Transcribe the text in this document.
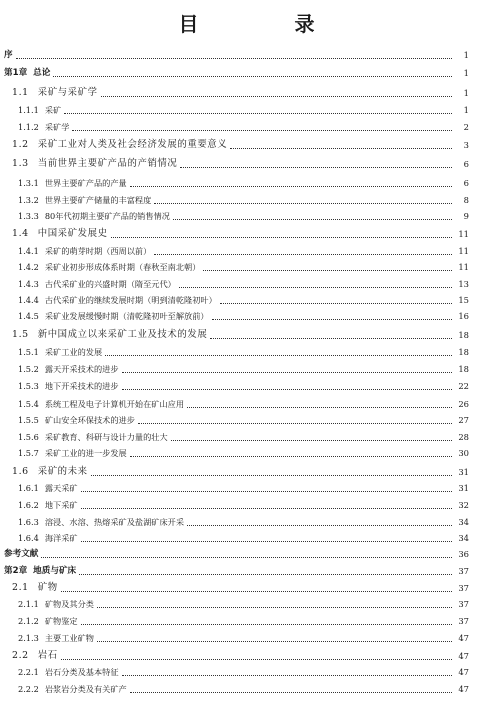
目　录
序	1
第1章 总论	1
1.1 采矿与采矿学	1
1.1.1 采矿	1
1.1.2 采矿学	2
1.2 采矿工业对人类及社会经济发展的重要意义	3
1.3 当前世界主要矿产品的产销情况	6
1.3.1 世界主要矿产品的产量	6
1.3.2 世界主要矿产储量的丰富程度	8
1.3.3 80年代初期主要矿产品的销售情况	9
1.4 中国采矿发展史	11
1.4.1 采矿的萌芽时期（西周以前）	11
1.4.2 采矿业初步形成体系时期（春秋至南北朝）	11
1.4.3 古代采矿业的兴盛时期（隋至元代）	13
1.4.4 古代采矿业的继续发展时期（明到清乾隆初叶）	15
1.4.5 采矿业发展缓慢时期（清乾隆初叶至解放前）	16
1.5 新中国成立以来采矿工业及技术的发展	18
1.5.1 采矿工业的发展	18
1.5.2 露天开采技术的进步	18
1.5.3 地下开采技术的进步	22
1.5.4 系统工程及电子计算机开始在矿山应用	26
1.5.5 矿山安全环保技术的进步	27
1.5.6 采矿教育、科研与设计力量的壮大	28
1.5.7 采矿工业的进一步发展	30
1.6 采矿的未来	31
1.6.1 露天采矿	31
1.6.2 地下采矿	32
1.6.3 溶浸、水溶、热熔采矿及盐湖矿床开采	34
1.6.4 海洋采矿	34
参考文献	36
第2章 地质与矿床	37
2.1 矿物	37
2.1.1 矿物及其分类	37
2.1.2 矿物鉴定	37
2.1.3 主要工业矿物	47
2.2 岩石	47
2.2.1 岩石分类及基本特征	47
2.2.2 岩浆岩分类及有关矿产	47
